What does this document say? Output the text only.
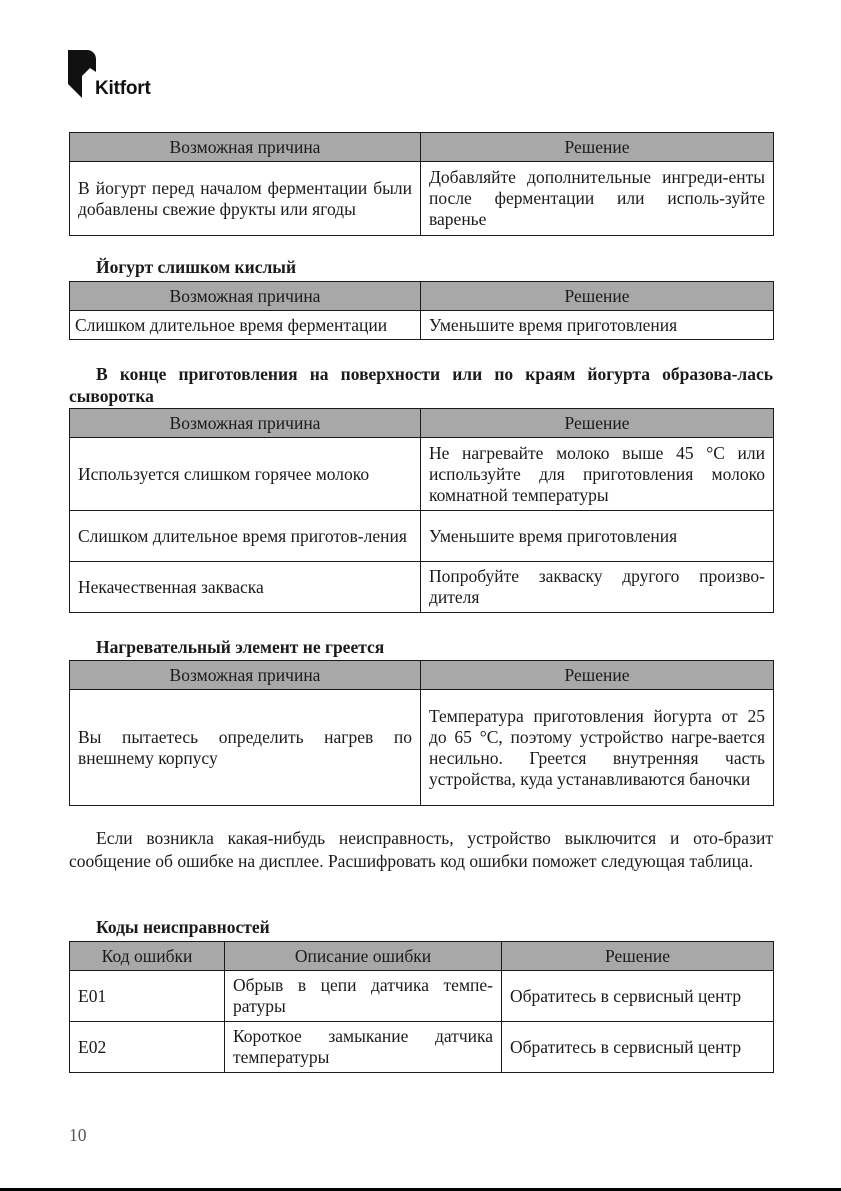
Kitfort
Возможная причина	Решение
В йогурт перед началом ферментации были добавлены свежие фрукты или ягоды	Добавляйте дополнительные ингреди-енты после ферментации или исполь-зуйте варенье
Йогурт слишком кислый
Возможная причина	Решение
Слишком длительное время ферментации	Уменьшите время приготовления
В конце приготовления на поверхности или по краям йогурта образова-лась сыворотка
Возможная причина	Решение
Используется слишком горячее молоко	Не нагревайте молоко выше 45 °С или используйте для приготовления молоко комнатной температуры
Слишком длительное время приготов-ления	Уменьшите время приготовления
Некачественная закваска	Попробуйте закваску другого произво-дителя
Нагревательный элемент не греется
Возможная причина	Решение
Вы пытаетесь определить нагрев по внешнему корпусу	Температура приготовления йогурта от 25 до 65 °С, поэтому устройство нагре-вается несильно. Греется внутренняя часть устройства, куда устанавливаются баночки
Если возникла какая-нибудь неисправность, устройство выключится и ото-бразит сообщение об ошибке на дисплее. Расшифровать код ошибки поможет следующая таблица.
Коды неисправностей
Код ошибки	Описание ошибки	Решение
E01	Обрыв в цепи датчика темпе-ратуры	Обратитесь в сервисный центр
E02	Короткое замыкание датчика температуры	Обратитесь в сервисный центр
10
